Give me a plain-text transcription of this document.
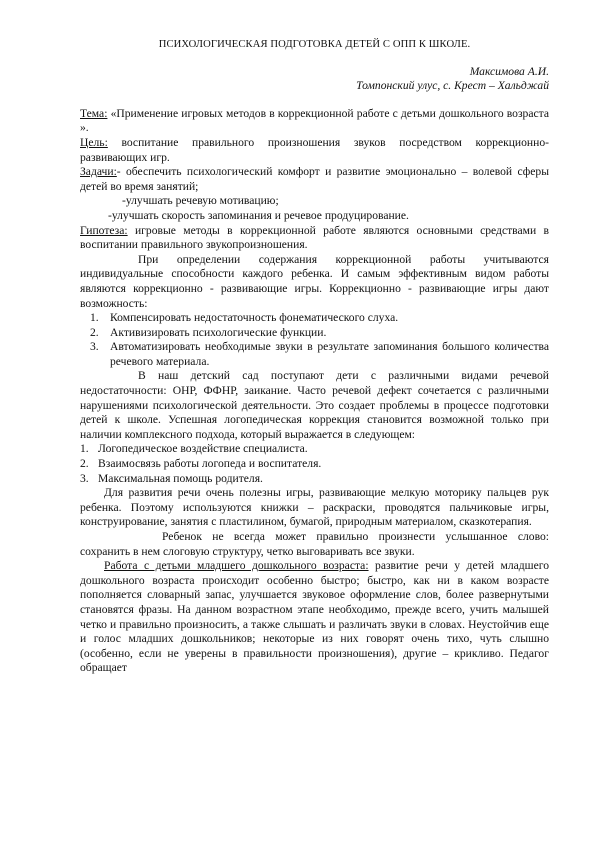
ПСИХОЛОГИЧЕСКАЯ ПОДГОТОВКА ДЕТЕЙ С ОПП К ШКОЛЕ.

Максимова А.И.

Томпонский улус, с. Крест – Хальджай

Тема: «Применение игровых методов в коррекционной работе с детьми дошкольного возраста ».

Цель: воспитание правильного произношения звуков посредством коррекционно-развивающих игр.

Задачи:- обеспечить психологический комфорт и развитие эмоционально – волевой сферы детей во время занятий;

-улучшать речевую мотивацию;

-улучшать скорость запоминания и речевое продуцирование.

Гипотеза: игровые методы в коррекционной работе являются основными средствами в воспитании правильного звукопроизношения.

При определении содержания коррекционной работы учитываются индивидуальные способности каждого ребенка. И самым эффективным видом работы являются коррекционно - развивающие игры. Коррекционно - развивающие игры дают возможность:

1. Компенсировать недостаточность фонематического слуха.
2. Активизировать психологические функции.
3. Автоматизировать необходимые звуки в результате запоминания большого количества речевого материала.

В наш детский сад поступают дети с различными видами речевой недостаточности: ОНР, ФФНР, заикание. Часто речевой дефект сочетается с различными нарушениями психологической деятельности. Это создает проблемы в процессе подготовки детей к школе. Успешная логопедическая коррекция становится возможной только при наличии комплексного подхода, который выражается в следующем:

1. Логопедическое воздействие специалиста.
2. Взаимосвязь работы логопеда и воспитателя.
3. Максимальная помощь родителя.

Для развития речи очень полезны игры, развивающие мелкую моторику пальцев рук ребенка. Поэтому используются книжки – раскраски, проводятся пальчиковые игры, конструирование, занятия с пластилином, бумагой, природным материалом, сказкотерапия.

Ребенок не всегда может правильно произнести услышанное слово: сохранить в нем слоговую структуру, четко выговаривать все звуки.

Работа с детьми младшего дошкольного возраста: развитие речи у детей младшего дошкольного возраста происходит особенно быстро; быстро, как ни в каком возрасте пополняется словарный запас, улучшается звуковое оформление слов, более развернутыми становятся фразы. На данном возрастном этапе необходимо, прежде всего, учить малышей четко и правильно произносить, а также слышать и различать звуки в словах. Неустойчив еще и голос младших дошкольников; некоторые из них говорят очень тихо, чуть слышно (особенно, если не уверены в правильности произношения), другие – крикливо. Педагог обращает
